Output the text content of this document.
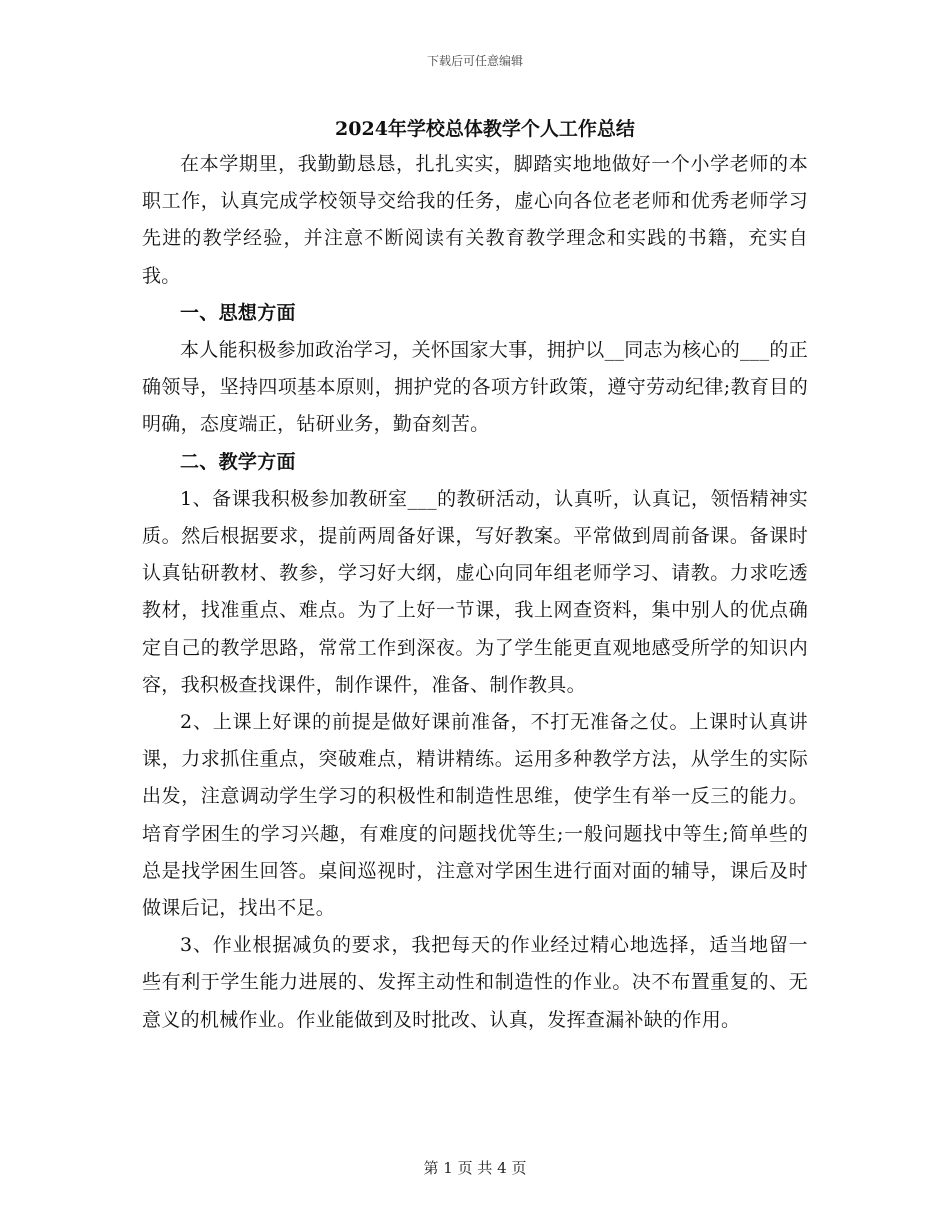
下载后可任意编辑
2024年学校总体教学个人工作总结

在本学期里，我勤勤恳恳，扎扎实实，脚踏实地地做好一个小学老师的本职工作，认真完成学校领导交给我的任务，虚心向各位老老师和优秀老师学习先进的教学经验，并注意不断阅读有关教育教学理念和实践的书籍，充实自我。

一、思想方面

本人能积极参加政治学习，关怀国家大事，拥护以__同志为核心的___的正确领导，坚持四项基本原则，拥护党的各项方针政策，遵守劳动纪律;教育目的明确，态度端正，钻研业务，勤奋刻苦。

二、教学方面

1、备课我积极参加教研室___的教研活动，认真听，认真记，领悟精神实质。然后根据要求，提前两周备好课，写好教案。平常做到周前备课。备课时认真钻研教材、教参，学习好大纲，虚心向同年组老师学习、请教。力求吃透教材，找准重点、难点。为了上好一节课，我上网查资料，集中别人的优点确定自己的教学思路，常常工作到深夜。为了学生能更直观地感受所学的知识内容，我积极查找课件，制作课件，准备、制作教具。

2、上课上好课的前提是做好课前准备，不打无准备之仗。上课时认真讲课，力求抓住重点，突破难点，精讲精练。运用多种教学方法，从学生的实际出发，注意调动学生学习的积极性和制造性思维，使学生有举一反三的能力。培育学困生的学习兴趣，有难度的问题找优等生;一般问题找中等生;简单些的总是找学困生回答。桌间巡视时，注意对学困生进行面对面的辅导，课后及时做课后记，找出不足。

3、作业根据减负的要求，我把每天的作业经过精心地选择，适当地留一些有利于学生能力进展的、发挥主动性和制造性的作业。决不布置重复的、无意义的机械作业。作业能做到及时批改、认真，发挥查漏补缺的作用。

第 1 页 共 4 页
